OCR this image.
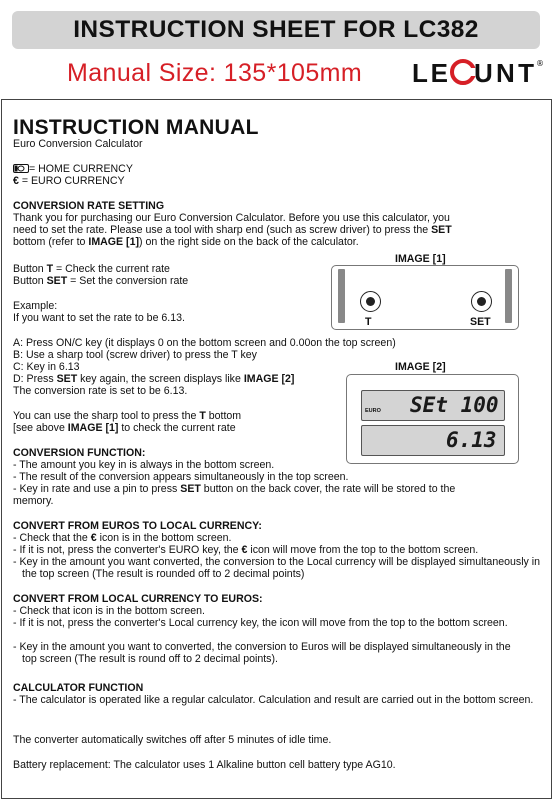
INSTRUCTION SHEET FOR LC382
Manual Size: 135*105mm LE UNT ®
INSTRUCTION MANUAL
Euro Conversion Calculator
= HOME CURRENCY
€ = EURO CURRENCY
CONVERSION RATE SETTING
Thank you for purchasing our Euro Conversion Calculator. Before you use this calculator, you
need to set the rate. Please use a tool with sharp end (such as screw driver) to press the SET
bottom (refer to IMAGE [1]) on the right side on the back of the calculator.
Button T = Check the current rate
Button SET = Set the conversion rate
Example:
If you want to set the rate to be 6.13.
A: Press ON/C key (it displays 0 on the bottom screen and 0.00on the top screen)
B: Use a sharp tool (screw driver) to press the T key
C: Key in 6.13
D: Press SET key again, the screen displays like IMAGE [2]
The conversion rate is set to be 6.13.
You can use the sharp tool to press the T bottom
[see above IMAGE [1] to check the current rate
IMAGE [1]
T	SET
IMAGE [2]
EURO SEt 100
6.13
CONVERSION FUNCTION:
- The amount you key in is always in the bottom screen.
- The result of the conversion appears simultaneously in the top screen.
- Key in rate and use a pin to press SET button on the back cover, the rate will be stored to the
memory.
CONVERT FROM EUROS TO LOCAL CURRENCY:
- Check that the € icon is in the bottom screen.
- If it is not, press the converter's EURO key, the € icon will move from the top to the bottom screen.
- Key in the amount you want converted, the conversion to the Local currency will be displayed simultaneously in the top screen (The result is rounded off to 2 decimal points)
CONVERT FROM LOCAL CURRENCY TO EUROS:
- Check that icon is in the bottom screen.
- If it is not, press the converter's Local currency key, the icon will move from the top to the bottom screen.
- Key in the amount you want to converted, the conversion to Euros will be displayed simultaneously in the top screen (The result is round off to 2 decimal points).
CALCULATOR FUNCTION
- The calculator is operated like a regular calculator. Calculation and result are carried out in the bottom screen.
The converter automatically switches off after 5 minutes of idle time.
Battery replacement: The calculator uses 1 Alkaline button cell battery type AG10.
